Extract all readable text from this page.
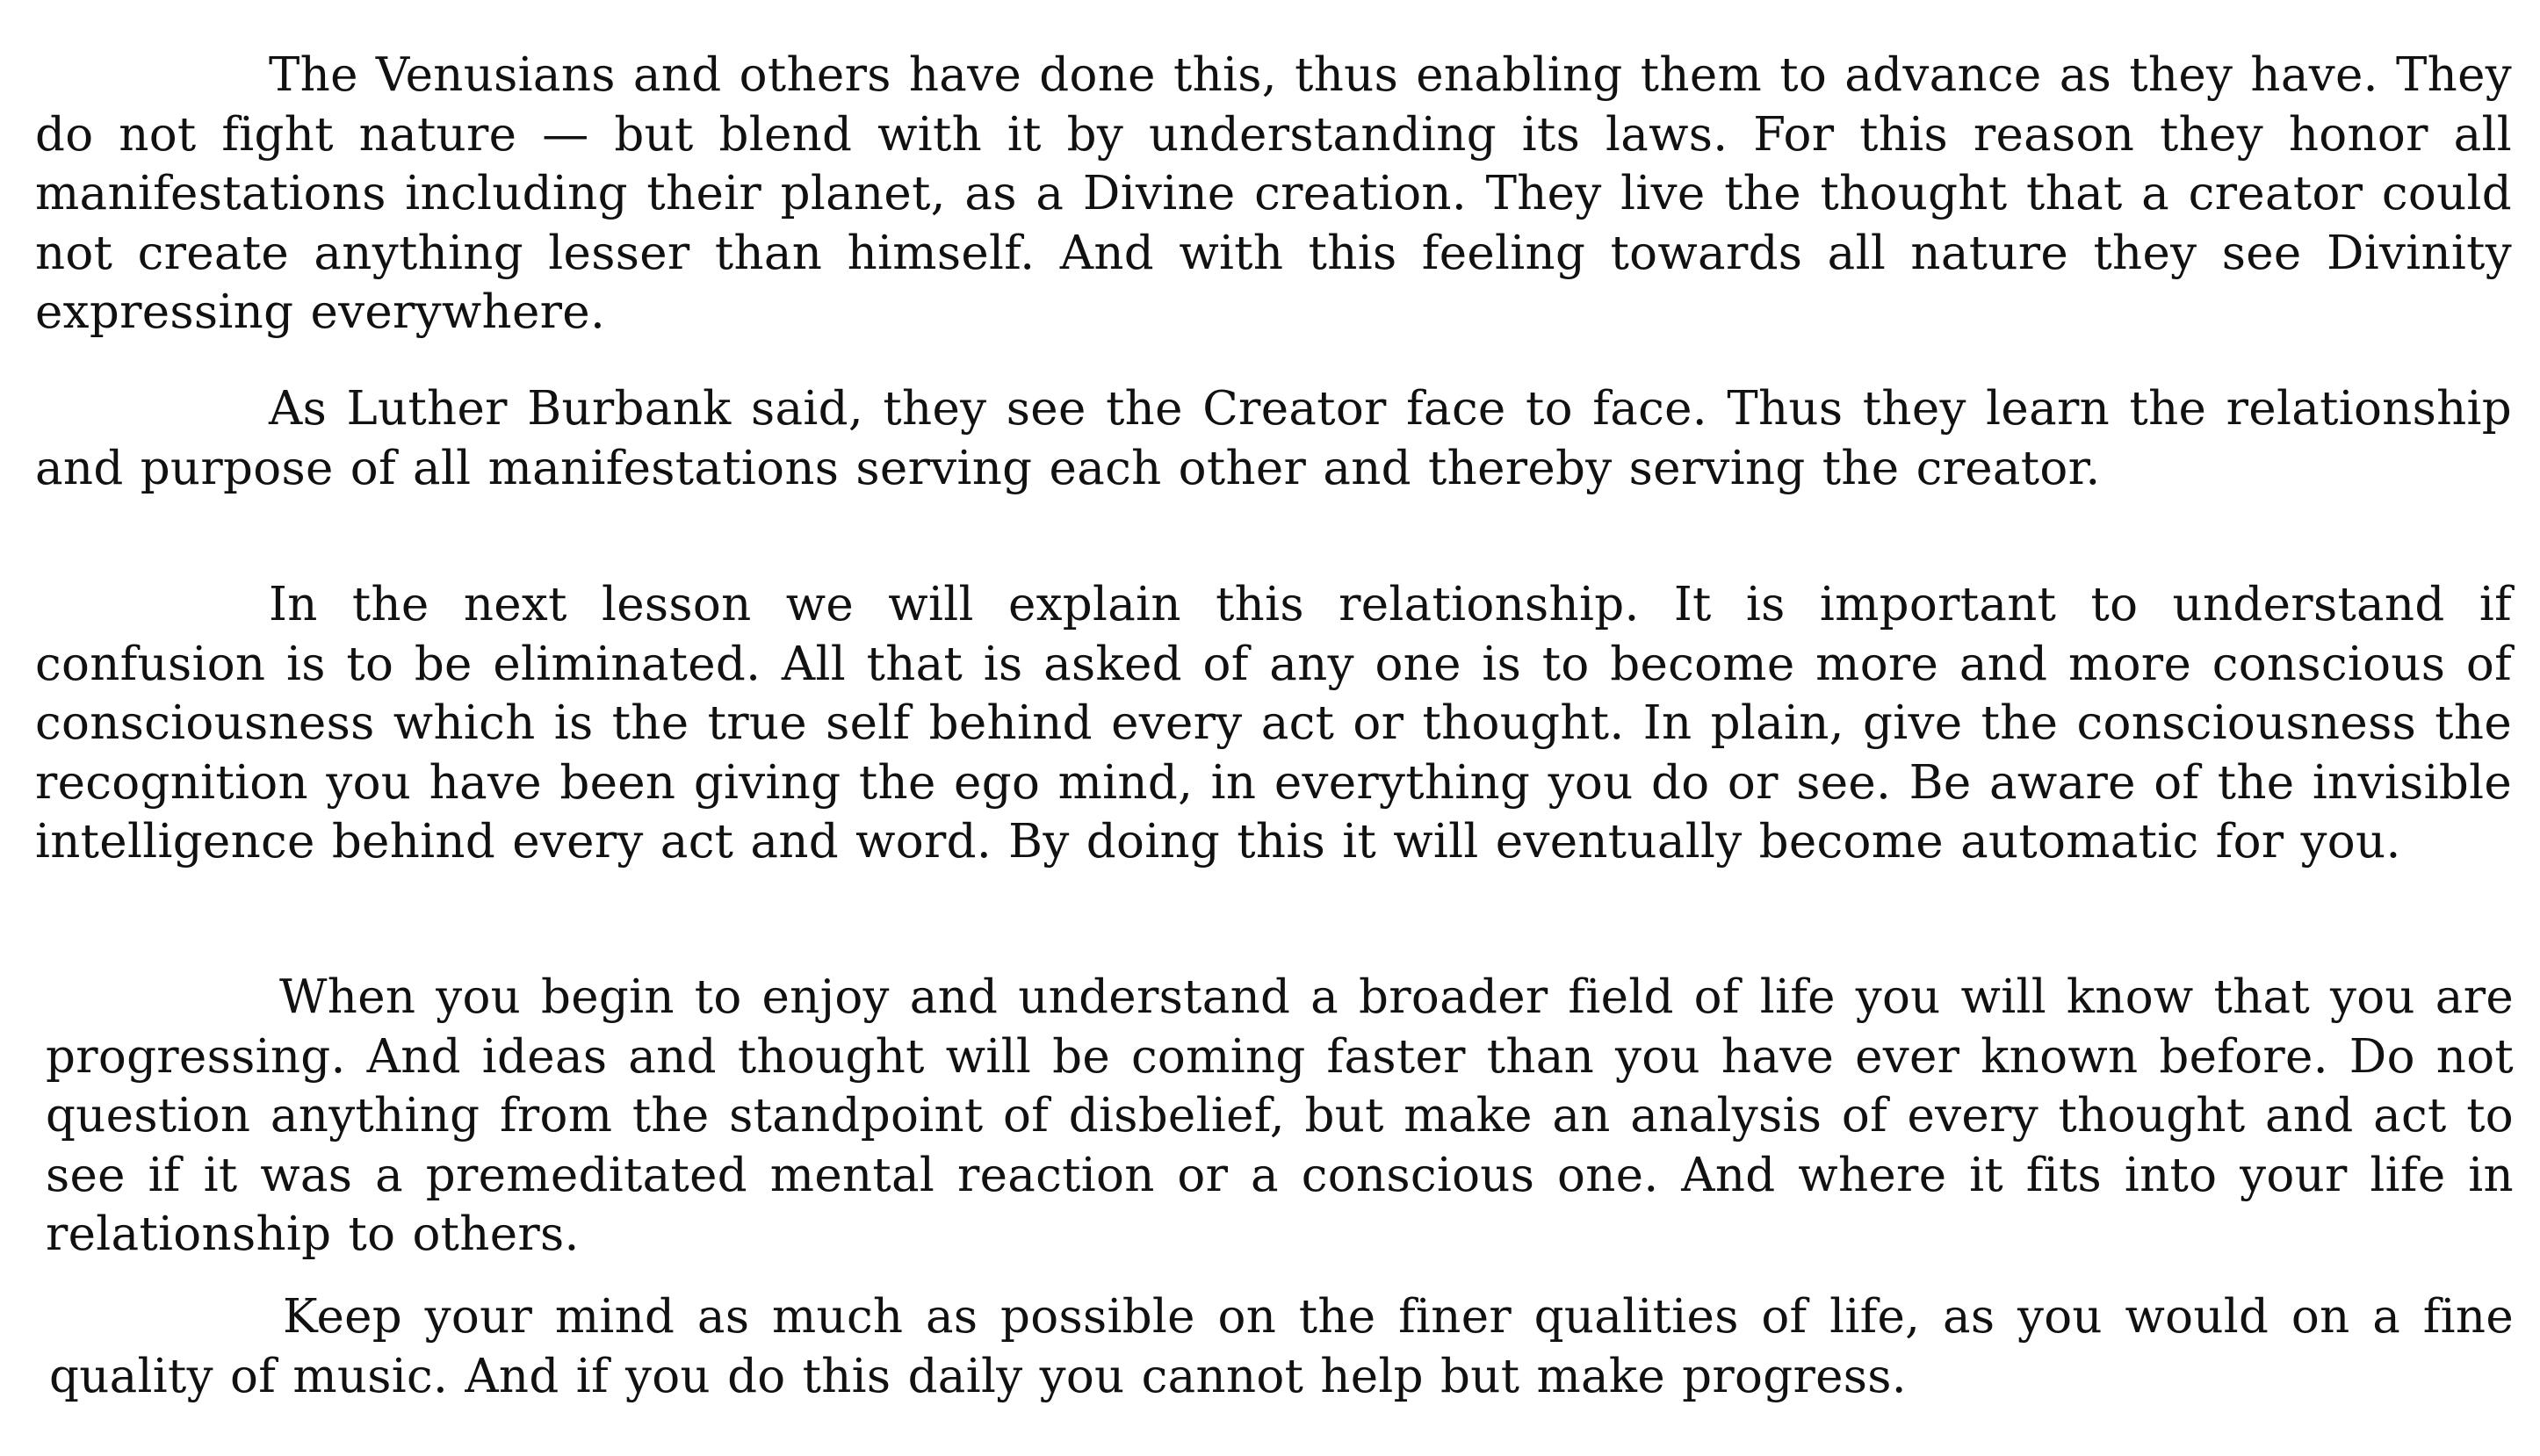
The Venusians and others have done this, thus enabling them to advance as they have. They do not fight nature — but blend with it by understanding its laws. For this reason they honor all manifestations including their planet, as a Divine creation. They live the thought that a creator could not create anything lesser than himself. And with this feeling towards all nature they see Divinity expressing everywhere.

As Luther Burbank said, they see the Creator face to face. Thus they learn the relationship and purpose of all manifestations serving each other and thereby serving the creator.

In the next lesson we will explain this relationship. It is important to understand if confusion is to be eliminated. All that is asked of any one is to become more and more conscious of consciousness which is the true self behind every act or thought. In plain, give the consciousness the recognition you have been giving the ego mind, in everything you do or see. Be aware of the invisible intelligence behind every act and word. By doing this it will eventually become automatic for you.

When you begin to enjoy and understand a broader field of life you will know that you are progressing. And ideas and thought will be coming faster than you have ever known before. Do not question anything from the standpoint of disbelief, but make an analysis of every thought and act to see if it was a premeditated mental reaction or a conscious one. And where it fits into your life in relationship to others.

Keep your mind as much as possible on the finer qualities of life, as you would on a fine quality of music. And if you do this daily you cannot help but make progress.
